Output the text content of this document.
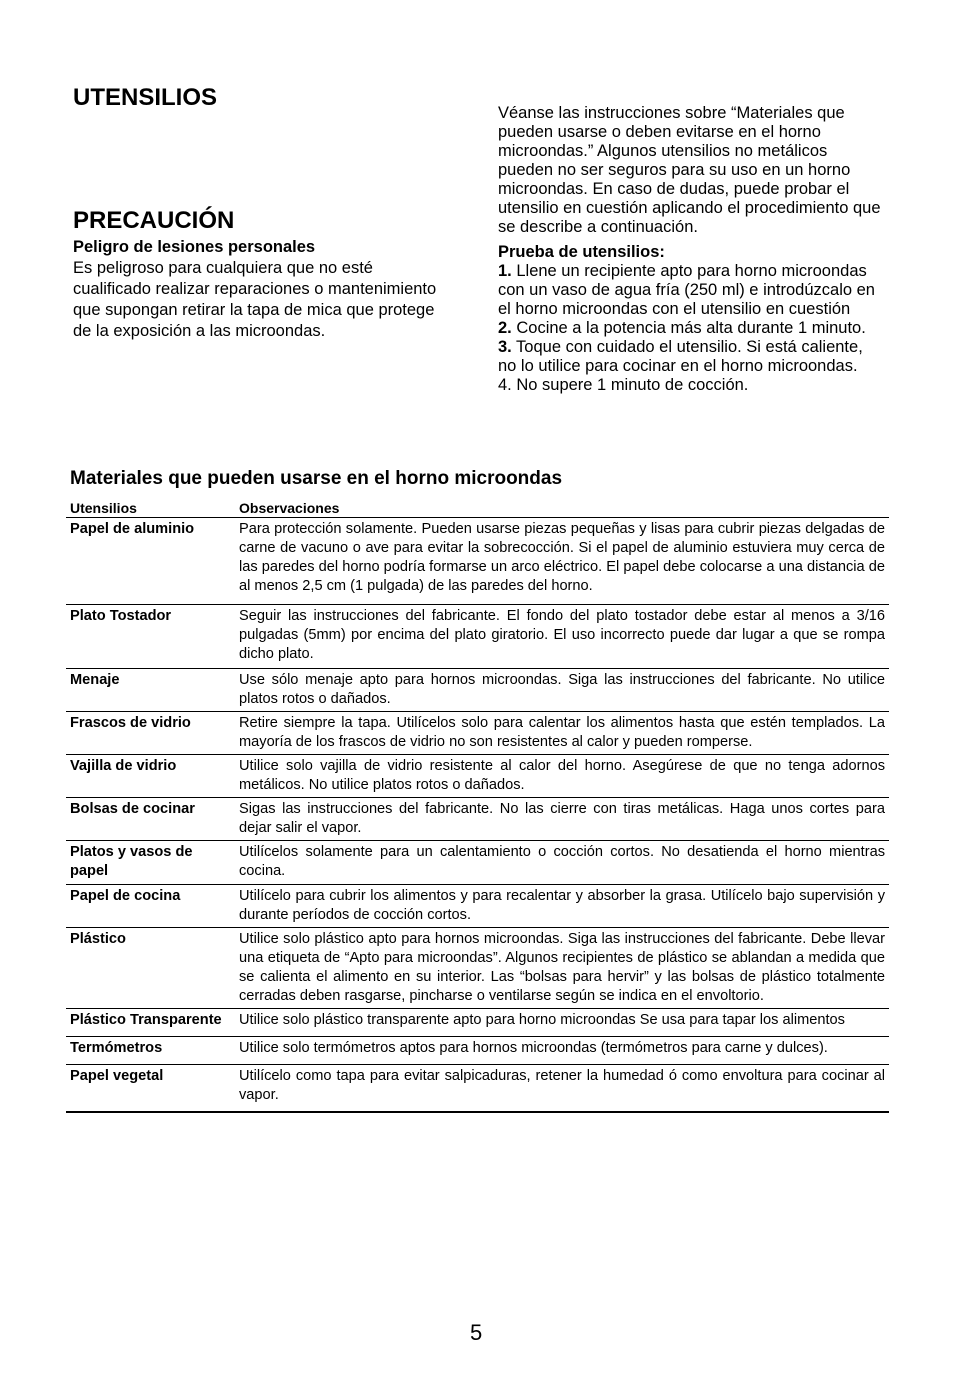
UTENSILIOS
PRECAUCIÓN
Peligro de lesiones personales
Es peligroso para cualquiera que no esté cualificado realizar reparaciones o mantenimiento que supongan retirar la tapa de mica que protege de la exposición a las microondas.

Véanse las instrucciones sobre “Materiales que pueden usarse o deben evitarse en el horno microondas.” Algunos utensilios no metálicos pueden no ser seguros para su uso en un horno microondas. En caso de dudas, puede probar el utensilio en cuestión aplicando el procedimiento que se describe a continuación.

Prueba de utensilios:

1. Llene un recipiente apto para horno microondas con un vaso de agua fría (250 ml) e introdúzcalo en el horno microondas con el utensilio en cuestión

2. Cocine a la potencia más alta durante 1 minuto.

3. Toque con cuidado el utensilio. Si está caliente, no lo utilice para cocinar en el horno microondas.

4. No supere 1 minuto de cocción.

Materiales que pueden usarse en el horno microondas
Utensilios	Observaciones
Papel de aluminio	Para protección solamente. Pueden usarse piezas pequeñas y lisas para cubrir piezas delgadas de carne de vacuno o ave para evitar la sobrecocción. Si el papel de aluminio estuviera muy cerca de las paredes del horno podría formarse un arco eléctrico. El papel debe colocarse a una distancia de al menos 2,5 cm (1 pulgada) de las paredes del horno.
Plato Tostador	Seguir las instrucciones del fabricante. El fondo del plato tostador debe estar al menos a 3/16 pulgadas (5mm) por encima del plato giratorio. El uso incorrecto puede dar lugar a que se rompa dicho plato.
Menaje	Use sólo menaje apto para hornos microondas. Siga las instrucciones del fabricante. No utilice platos rotos o dañados.
Frascos de vidrio	Retire siempre la tapa. Utilícelos solo para calentar los alimentos hasta que estén templados. La mayoría de los frascos de vidrio no son resistentes al calor y pueden romperse.
Vajilla de vidrio	Utilice solo vajilla de vidrio resistente al calor del horno. Asegúrese de que no tenga adornos metálicos. No utilice platos rotos o dañados.
Bolsas de cocinar	Sigas las instrucciones del fabricante. No las cierre con tiras metálicas. Haga unos cortes para dejar salir el vapor.
Platos y vasos de papel	Utilícelos solamente para un calentamiento o cocción cortos. No desatienda el horno mientras cocina.
Papel de cocina	Utilícelo para cubrir los alimentos y para recalentar y absorber la grasa. Utilícelo bajo supervisión y durante períodos de cocción cortos.
Plástico	Utilice solo plástico apto para hornos microondas. Siga las instrucciones del fabricante. Debe llevar una etiqueta de “Apto para microondas”. Algunos recipientes de plástico se ablandan a medida que se calienta el alimento en su interior. Las “bolsas para hervir” y las bolsas de plástico totalmente cerradas deben rasgarse, pincharse o ventilarse según se indica en el envoltorio.
Plástico Transparente	Utilice solo plástico transparente apto para horno microondas Se usa para tapar los alimentos
Termómetros	Utilice solo termómetros aptos para hornos microondas (termómetros para carne y dulces).
Papel vegetal	Utilícelo como tapa para evitar salpicaduras, retener la humedad ó como envoltura para cocinar al vapor.
5
